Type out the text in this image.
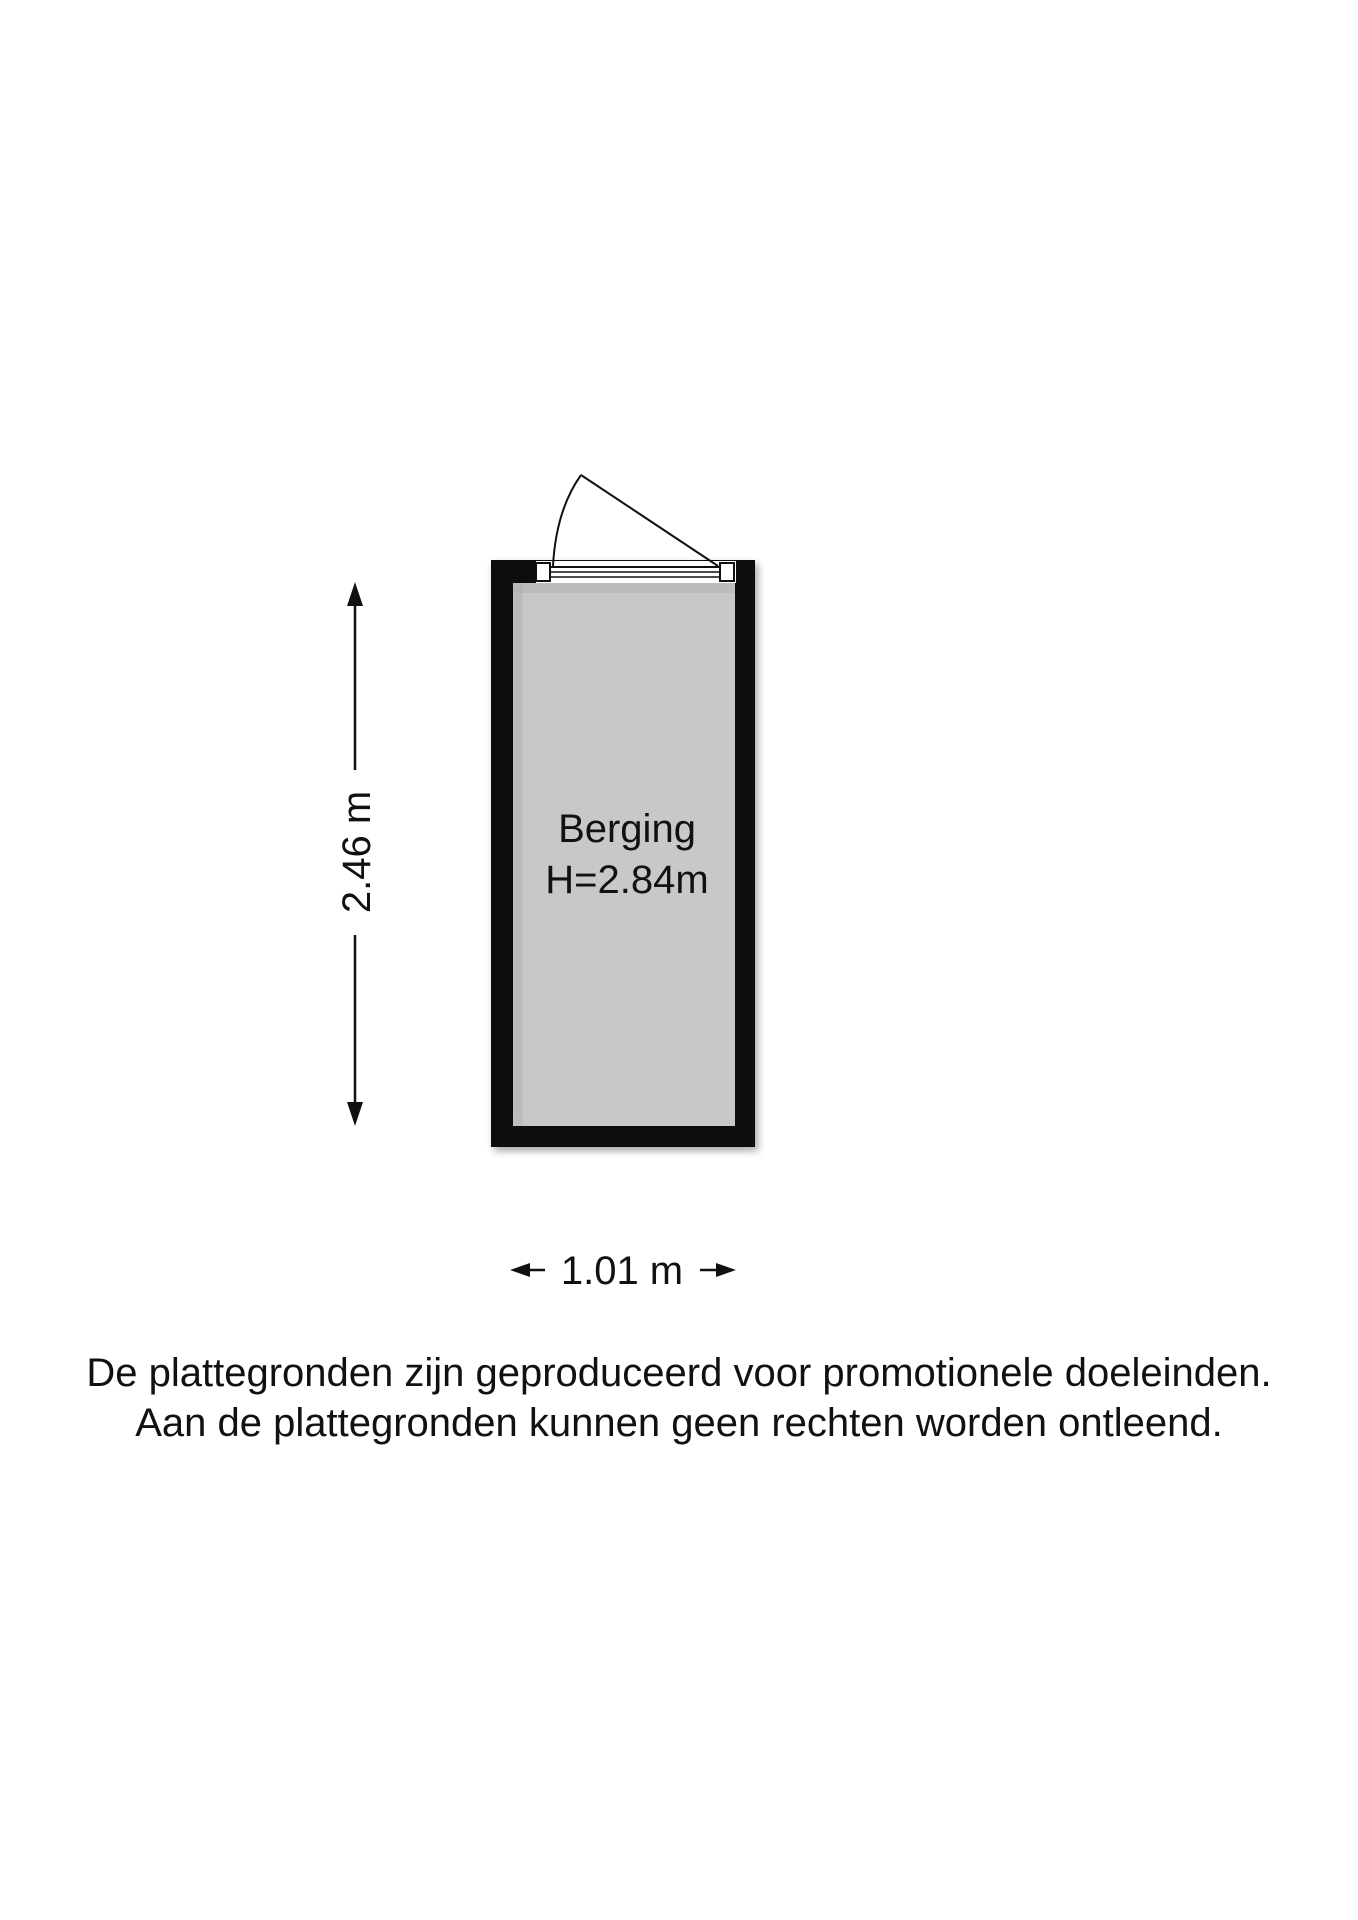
2.46 m
1.01 m
Berging
H=2.84m
De plattegronden zijn geproduceerd voor promotionele doeleinden.
Aan de plattegronden kunnen geen rechten worden ontleend.
